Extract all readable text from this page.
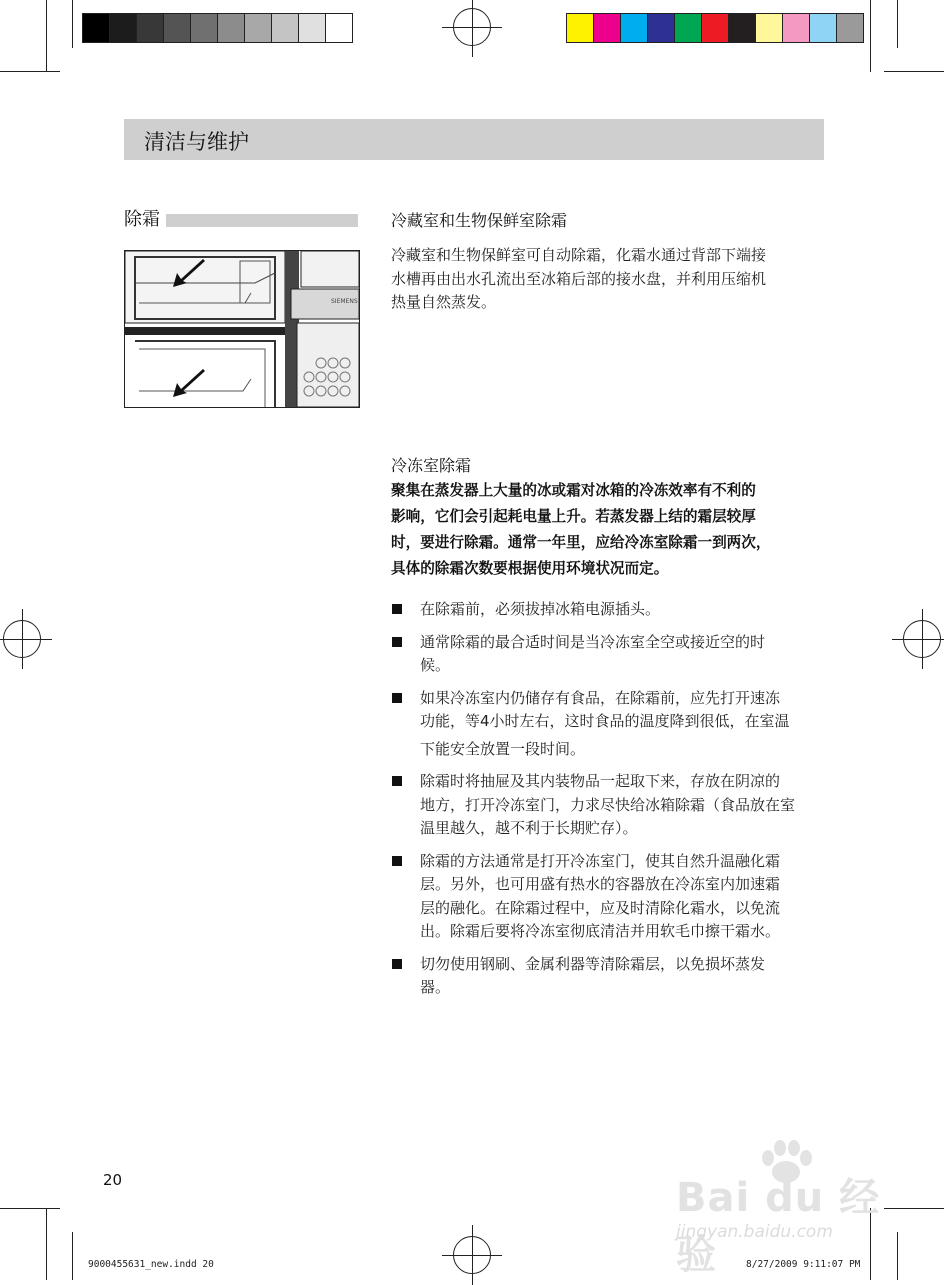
清洁与维护
除霜
SIEMENS
冷藏室和生物保鲜室除霜
冷藏室和生物保鲜室可自动除霜，化霜水通过背部下端接
水槽再由出水孔流出至冰箱后部的接水盘，并利用压缩机
热量自然蒸发。
冷冻室除霜
聚集在蒸发器上大量的冰或霜对冰箱的冷冻效率有不利的
影响，它们会引起耗电量上升。若蒸发器上结的霜层较厚
时，要进行除霜。通常一年里，应给冷冻室除霜一到两次，
具体的除霜次数要根据使用环境状况而定。
在除霜前，必须拔掉冰箱电源插头。
通常除霜的最合适时间是当冷冻室全空或接近空的时
候。
如果冷冻室内仍储存有食品，在除霜前，应先打开速冻
功能，等4小时左右，这时食品的温度降到很低，在室温
下能安全放置一段时间。
除霜时将抽屉及其内装物品一起取下来，存放在阴凉的
地方，打开冷冻室门，力求尽快给冰箱除霜（食品放在室
温里越久，越不利于长期贮存）。
除霜的方法通常是打开冷冻室门，使其自然升温融化霜
层。另外，也可用盛有热水的容器放在冷冻室内加速霜
层的融化。在除霜过程中，应及时清除化霜水，以免流
出。除霜后要将冷冻室彻底清洁并用软毛巾擦干霜水。
切勿使用钢刷、金属利器等清除霜层，以免损坏蒸发
器。
20
9000455631_new.indd 20	8/27/2009 9:11:07 PM
Bai du 经验
jingyan.baidu.com
